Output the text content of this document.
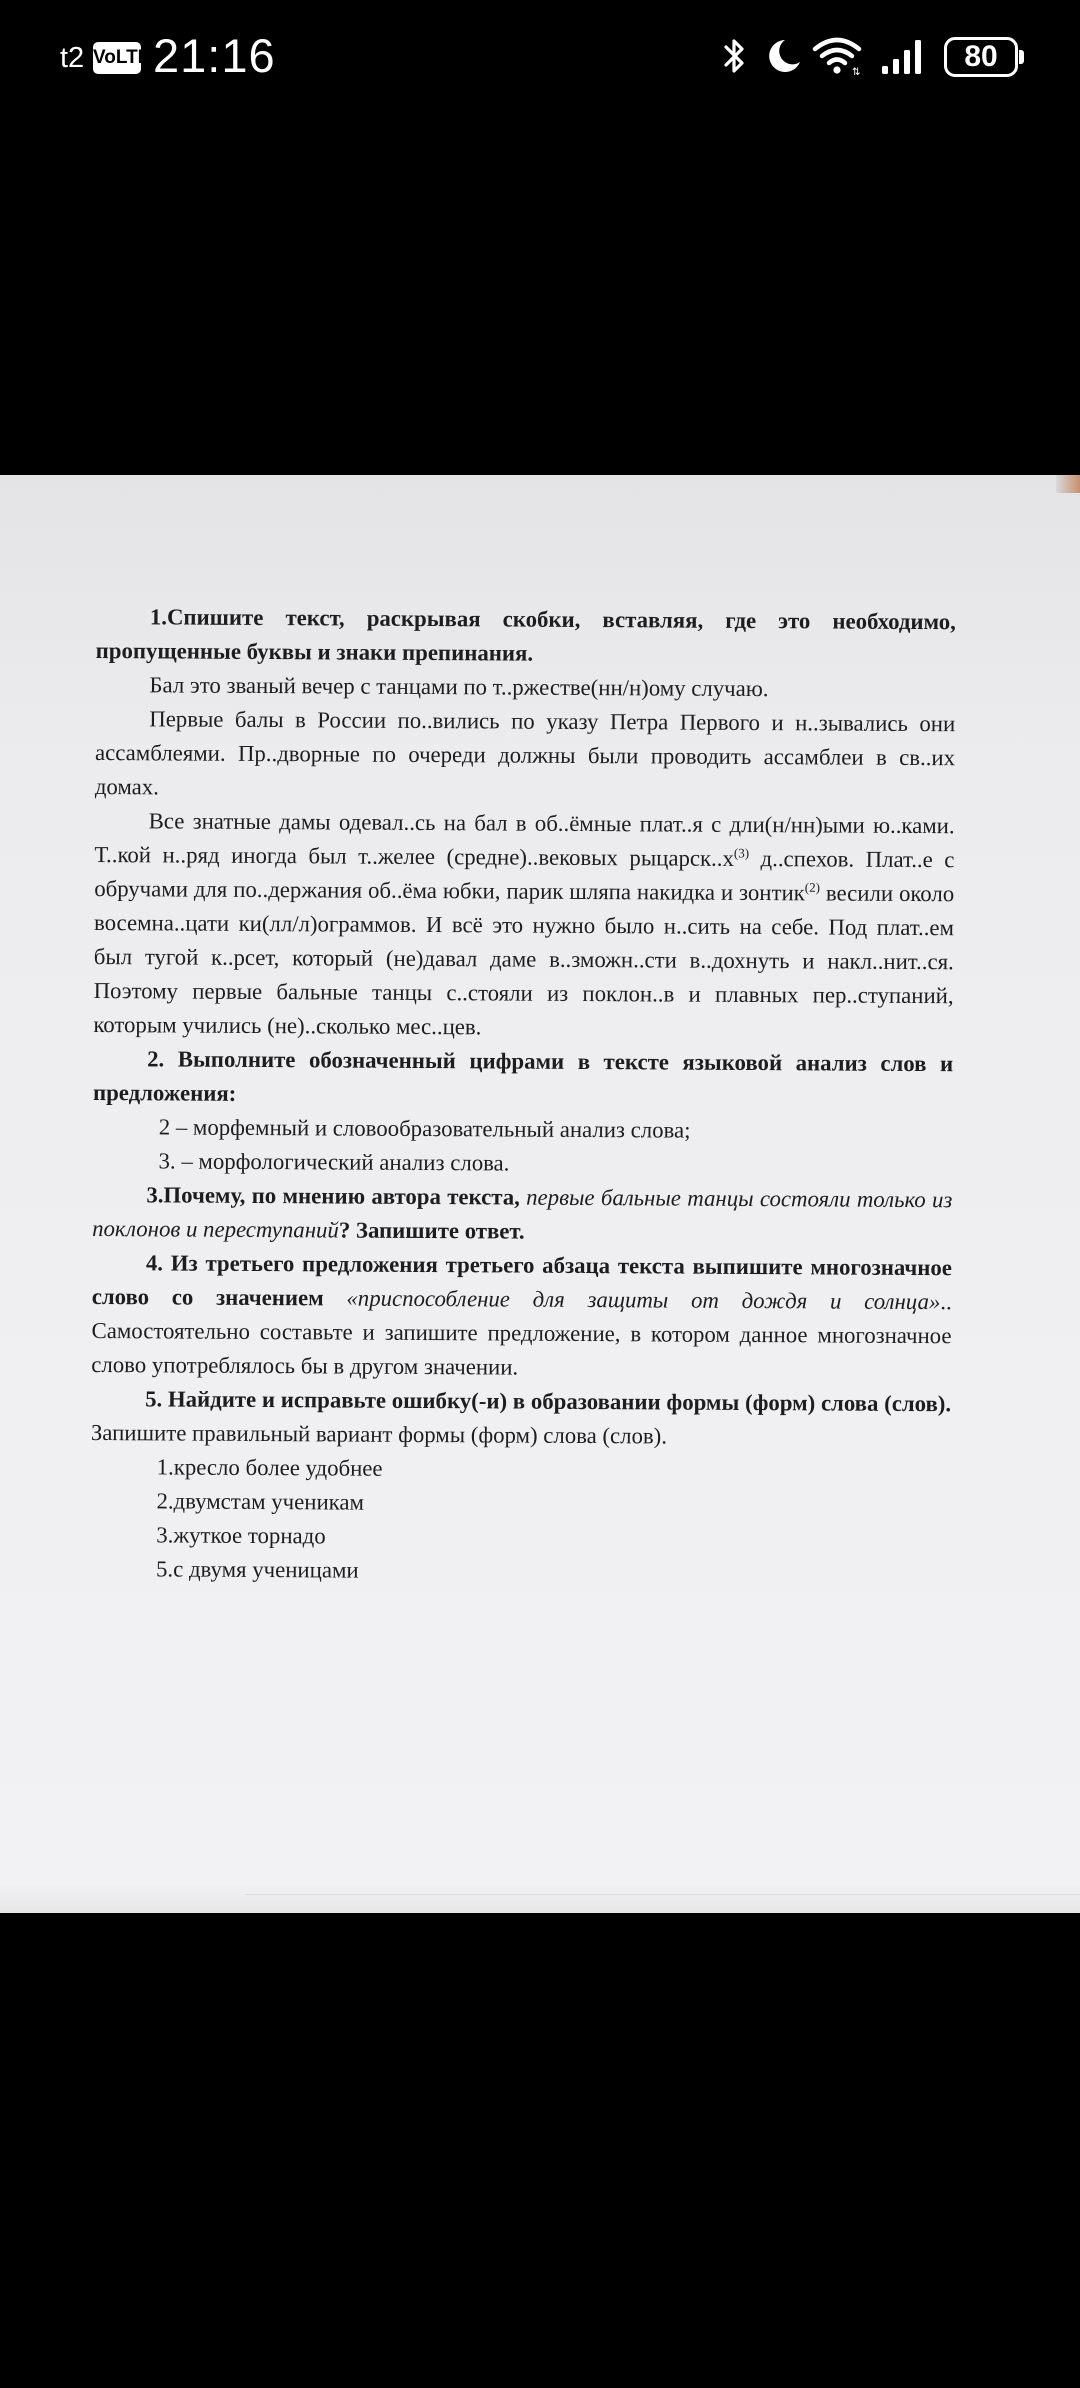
t2 VoLTE 21:16	⇅	80

1.Спишите текст, раскрывая скобки, вставляя, где это необходимо, пропущенные буквы и знаки препинания.

Бал это званый вечер с танцами по т..ржестве(нн/н)ому случаю.

Первые балы в России по..вились по указу Петра Первого и н..зывались они ассамблеями. Пр..дворные по очереди должны были проводить ассамблеи в св..их домах.

Все знатные дамы одевал..сь на бал в об..ёмные плат..я с дли(н/нн)ыми ю..ками. Т..кой н..ряд иногда был т..желее (средне)..вековых $рыцарск..х^{(3)}$ д..спехов. Плат..е с обручами для по..держания об..ёма юбки, парик шляпа накидка и зонтик$^{(2)}$ весили около восемна..цати ки(лл/л)ограммов. И всё это нужно было н..сить на себе. Под плат..ем был тугой к..рсет, который (не)давал даме в..зможн..сти в..дохнуть и накл..нит..ся. Поэтому первые бальные танцы с..стояли из поклон..в и плавных пер..ступаний, которым учились (не)..сколько мес..цев.

2. Выполните обозначенный цифрами в тексте языковой анализ слов и предложения:

2 – морфемный и словообразовательный анализ слова;

3. – морфологический анализ слова.

3.Почему, по мнению автора текста, первые бальные танцы состояли только из поклонов и переступаний? Запишите ответ.

4. Из третьего предложения третьего абзаца текста выпишите многозначное слово со значением «приспособление для защиты от дождя и солнца».. Самостоятельно составьте и запишите предложение, в котором данное многозначное слово употреблялось бы в другом значении.

5. Найдите и исправьте ошибку(-и) в образовании формы (форм) слова (слов). Запишите правильный вариант формы (форм) слова (слов).

1.кресло более удобнее

2.двумстам ученикам

3.жуткое торнадо

5.с двумя ученицами
